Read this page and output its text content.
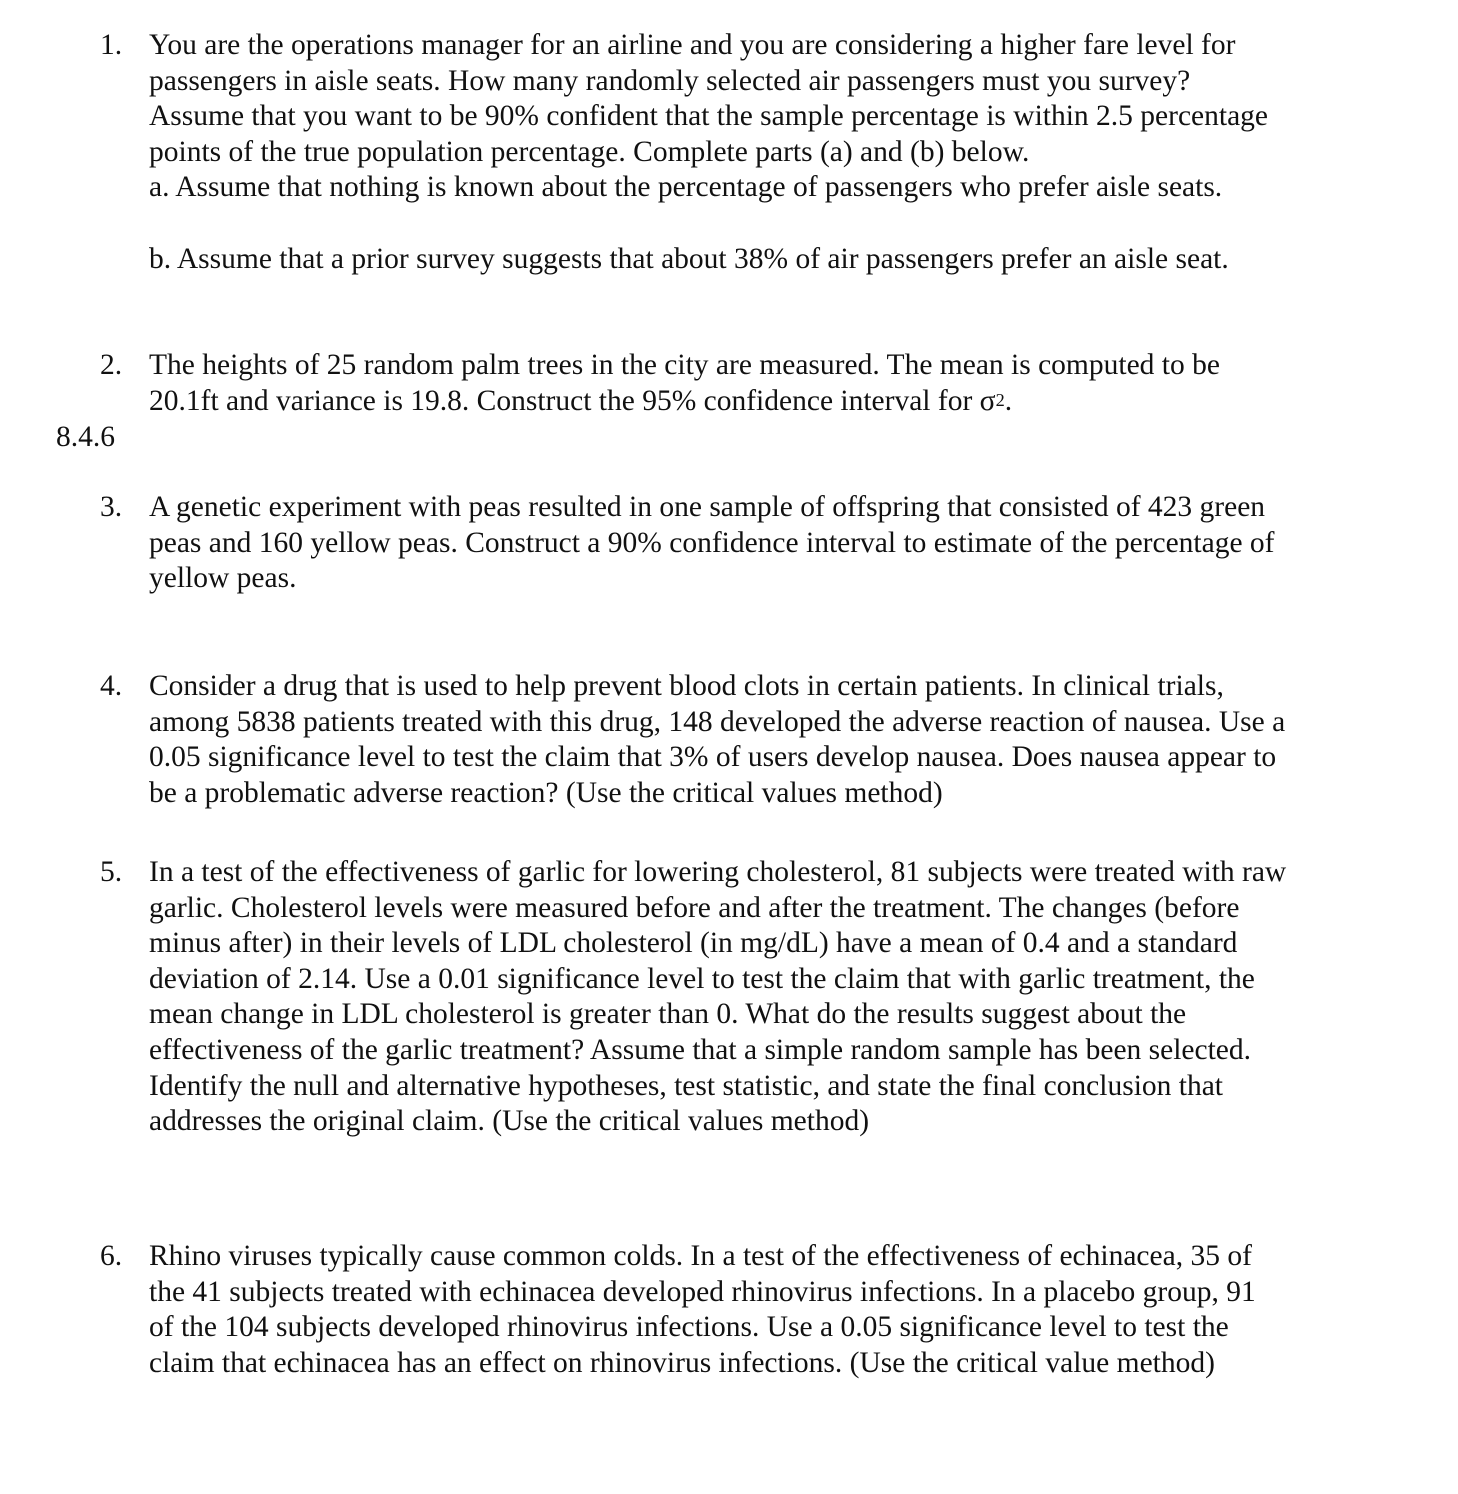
1. You are the operations manager for an airline and you are considering a higher fare level for
passengers in aisle seats. How many randomly selected air passengers must you survey?
Assume that you want to be 90% confident that the sample percentage is within 2.5 percentage
points of the true population percentage. Complete parts (a) and (b) below.
a. Assume that nothing is known about the percentage of passengers who prefer aisle seats.
b. Assume that a prior survey suggests that about 38% of air passengers prefer an aisle seat.
2. The heights of 25 random palm trees in the city are measured. The mean is computed to be
20.1ft and variance is 19.8. Construct the 95% confidence interval for $\sigma^2$.
8.4.6
3. A genetic experiment with peas resulted in one sample of offspring that consisted of 423 green
peas and 160 yellow peas. Construct a 90% confidence interval to estimate of the percentage of
yellow peas.
4. Consider a drug that is used to help prevent blood clots in certain patients. In clinical trials,
among 5838 patients treated with this drug, 148 developed the adverse reaction of nausea. Use a
0.05 significance level to test the claim that 3% of users develop nausea. Does nausea appear to
be a problematic adverse reaction? (Use the critical values method)
5. In a test of the effectiveness of garlic for lowering cholesterol, 81 subjects were treated with raw
garlic. Cholesterol levels were measured before and after the treatment. The changes (before
minus after) in their levels of LDL cholesterol (in mg/dL) have a mean of 0.4 and a standard
deviation of 2.14. Use a 0.01 significance level to test the claim that with garlic treatment, the
mean change in LDL cholesterol is greater than 0. What do the results suggest about the
effectiveness of the garlic treatment? Assume that a simple random sample has been selected.
Identify the null and alternative hypotheses, test statistic, and state the final conclusion that
addresses the original claim. (Use the critical values method)
6. Rhino viruses typically cause common colds. In a test of the effectiveness of echinacea, 35 of
the 41 subjects treated with echinacea developed rhinovirus infections. In a placebo group, 91
of the 104 subjects developed rhinovirus infections. Use a 0.05 significance level to test the
claim that echinacea has an effect on rhinovirus infections. (Use the critical value method)
